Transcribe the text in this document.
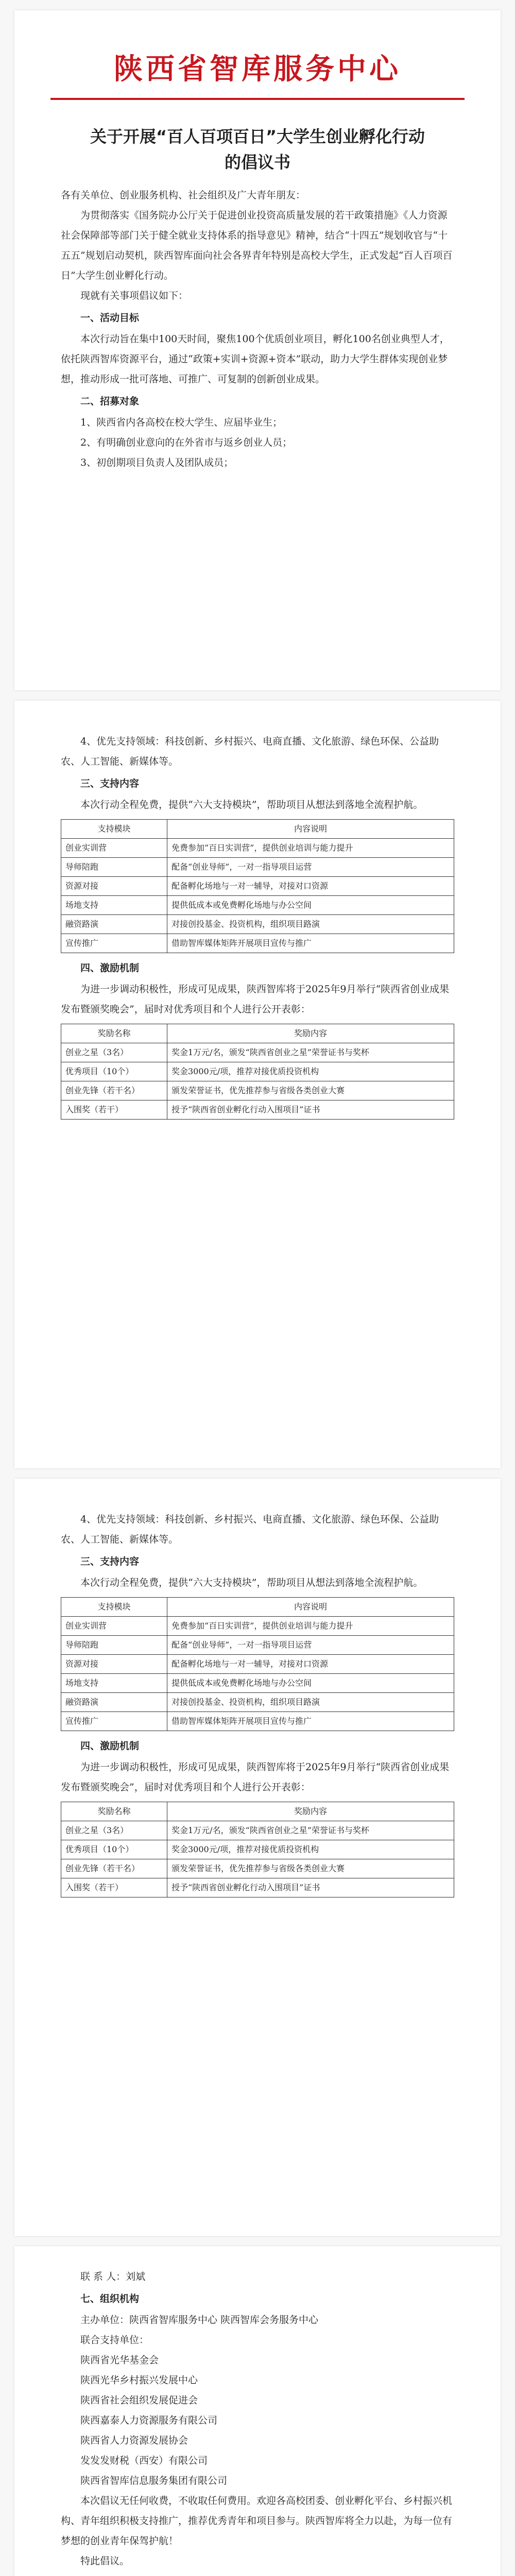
陕西省智库服务中心
关于开展“百人百项百日”大学生创业孵化行动
的倡议书

各有关单位、创业服务机构、社会组织及广大青年朋友：

为贯彻落实《国务院办公厅关于促进创业投资高质量发展的若干政策措施》《人力资源社会保障部等部门关于健全就业支持体系的指导意见》精神，结合“十四五”规划收官与“十五五”规划启动契机，陕西智库面向社会各界青年特别是高校大学生，正式发起“百人百项百日”大学生创业孵化行动。

现就有关事项倡议如下：

一、活动目标

本次行动旨在集中100天时间，聚焦100个优质创业项目，孵化100名创业典型人才，依托陕西智库资源平台，通过“政策+实训+资源+资本”联动，助力大学生群体实现创业梦想，推动形成一批可落地、可推广、可复制的创新创业成果。

二、招募对象

1、陕西省内各高校在校大学生、应届毕业生；

2、有明确创业意向的在外省市与返乡创业人员；

3、初创期项目负责人及团队成员；

4、优先支持领域：科技创新、乡村振兴、电商直播、文化旅游、绿色环保、公益助农、人工智能、新媒体等。

三、支持内容

本次行动全程免费，提供“六大支持模块”，帮助项目从想法到落地全流程护航。

支持模块	内容说明
创业实训营	免费参加“百日实训营”，提供创业培训与能力提升
导师陪跑	配备“创业导师”，一对一指导项目运营
资源对接	配备孵化场地与一对一辅导，对接对口资源
场地支持	提供低成本或免费孵化场地与办公空间
融资路演	对接创投基金、投资机构，组织项目路演
宣传推广	借助智库媒体矩阵开展项目宣传与推广

四、激励机制

为进一步调动积极性，形成可见成果，陕西智库将于2025年9月举行“陕西省创业成果发布暨颁奖晚会”，届时对优秀项目和个人进行公开表彰：

奖励名称	奖励内容
创业之星（3名）	奖金1万元/名，颁发“陕西省创业之星”荣誉证书与奖杯
优秀项目（10个）	奖金3000元/项，推荐对接优质投资机构
创业先锋（若干名）	颁发荣誉证书，优先推荐参与省级各类创业大赛
入围奖（若干）	授予“陕西省创业孵化行动入围项目”证书

4、优先支持领域：科技创新、乡村振兴、电商直播、文化旅游、绿色环保、公益助农、人工智能、新媒体等。

三、支持内容

本次行动全程免费，提供“六大支持模块”，帮助项目从想法到落地全流程护航。

支持模块	内容说明
创业实训营	免费参加“百日实训营”，提供创业培训与能力提升
导师陪跑	配备“创业导师”，一对一指导项目运营
资源对接	配备孵化场地与一对一辅导，对接对口资源
场地支持	提供低成本或免费孵化场地与办公空间
融资路演	对接创投基金、投资机构，组织项目路演
宣传推广	借助智库媒体矩阵开展项目宣传与推广

四、激励机制

为进一步调动积极性，形成可见成果，陕西智库将于2025年9月举行“陕西省创业成果发布暨颁奖晚会”，届时对优秀项目和个人进行公开表彰：

奖励名称	奖励内容
创业之星（3名）	奖金1万元/名，颁发“陕西省创业之星”荣誉证书与奖杯
优秀项目（10个）	奖金3000元/项，推荐对接优质投资机构
创业先锋（若干名）	颁发荣誉证书，优先推荐参与省级各类创业大赛
入围奖（若干）	授予“陕西省创业孵化行动入围项目”证书

联 系 人：刘斌

七、组织机构

主办单位：陕西省智库服务中心 陕西智库会务服务中心

联合支持单位：

陕西省光华基金会

陕西光华乡村振兴发展中心

陕西省社会组织发展促进会

陕西嘉泰人力资源服务有限公司

陕西省人力资源发展协会

发发发财税（西安）有限公司

陕西省智库信息服务集团有限公司

本次倡议无任何收费，不收取任何费用。欢迎各高校团委、创业孵化平台、乡村振兴机构、青年组织积极支持推广，推荐优秀青年和项目参与。陕西智库将全力以赴，为每一位有梦想的创业青年保驾护航！

特此倡议。
